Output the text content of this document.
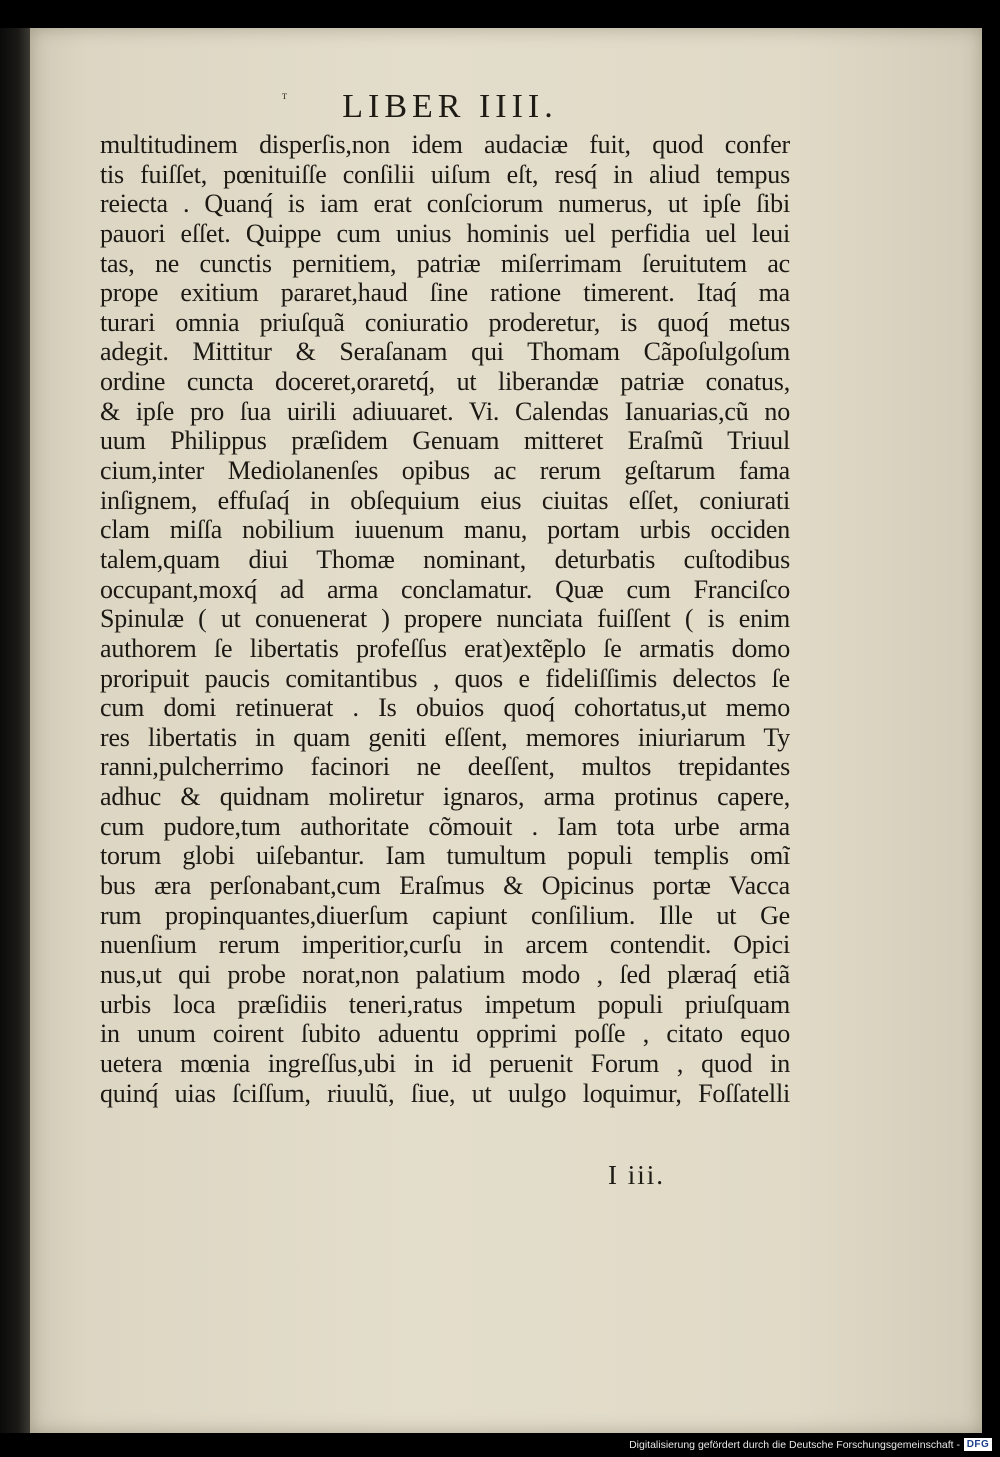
ᵀ	LIBER IIII.
multitudinem disperſis,non idem audaciæ fuit, quod confer
tis fuiſſet, pœnituiſſe conſilii uiſum eſt, resq́ in aliud tempus
reiecta . Quanq́ is iam erat conſciorum numerus, ut ipſe ſibi
pauori eſſet. Quippe cum unius hominis uel perfidia uel leui
tas, ne cunctis pernitiem, patriæ miſerrimam ſeruitutem ac
prope exitium pararet,haud ſine ratione timerent. Itaq́ ma
turari omnia priuſquã coniuratio proderetur, is quoq́ metus
adegit. Mittitur & Seraſanam qui Thomam Cãpoſulgoſum
ordine cuncta doceret,oraretq́, ut liberandæ patriæ conatus,
& ipſe pro ſua uirili adiuuaret. Vi. Calendas Ianuarias,cũ no
uum Philippus præſidem Genuam mitteret Eraſmũ Triuul
cium,inter Mediolanenſes opibus ac rerum geſtarum fama
inſignem, effuſaq́ in obſequium eius ciuitas eſſet, coniurati
clam miſſa nobilium iuuenum manu, portam urbis occiden
talem,quam diui Thomæ nominant, deturbatis cuſtodibus
occupant,moxq́ ad arma conclamatur. Quæ cum Franciſco
Spinulæ ( ut conuenerat ) propere nunciata fuiſſent ( is enim
authorem ſe libertatis profeſſus erat)extẽplo ſe armatis domo
proripuit paucis comitantibus , quos e fideliſſimis delectos ſe
cum domi retinuerat . Is obuios quoq́ cohortatus,ut memo
res libertatis in quam geniti eſſent, memores iniuriarum Ty
ranni,pulcherrimo facinori ne deeſſent, multos trepidantes
adhuc & quidnam moliretur ignaros, arma protinus capere,
cum pudore,tum authoritate cõmouit . Iam tota urbe arma
torum globi uiſebantur. Iam tumultum populi templis omĩ
bus æra perſonabant,cum Eraſmus & Opicinus portæ Vacca
rum propinquantes,diuerſum capiunt conſilium. Ille ut Ge
nuenſium rerum imperitior,curſu in arcem contendit. Opici
nus,ut qui probe norat,non palatium modo , ſed plæraq́ etiã
urbis loca præſidiis teneri,ratus impetum populi priuſquam
in unum coirent ſubito aduentu opprimi poſſe , citato equo
uetera mœnia ingreſſus,ubi in id peruenit Forum , quod in
quinq́ uias ſciſſum, riuulũ, ſiue, ut uulgo loquimur, Foſſatelli
I iii.
Digitalisierung gefördert durch die Deutsche Forschungsgemeinschaft - DFG
